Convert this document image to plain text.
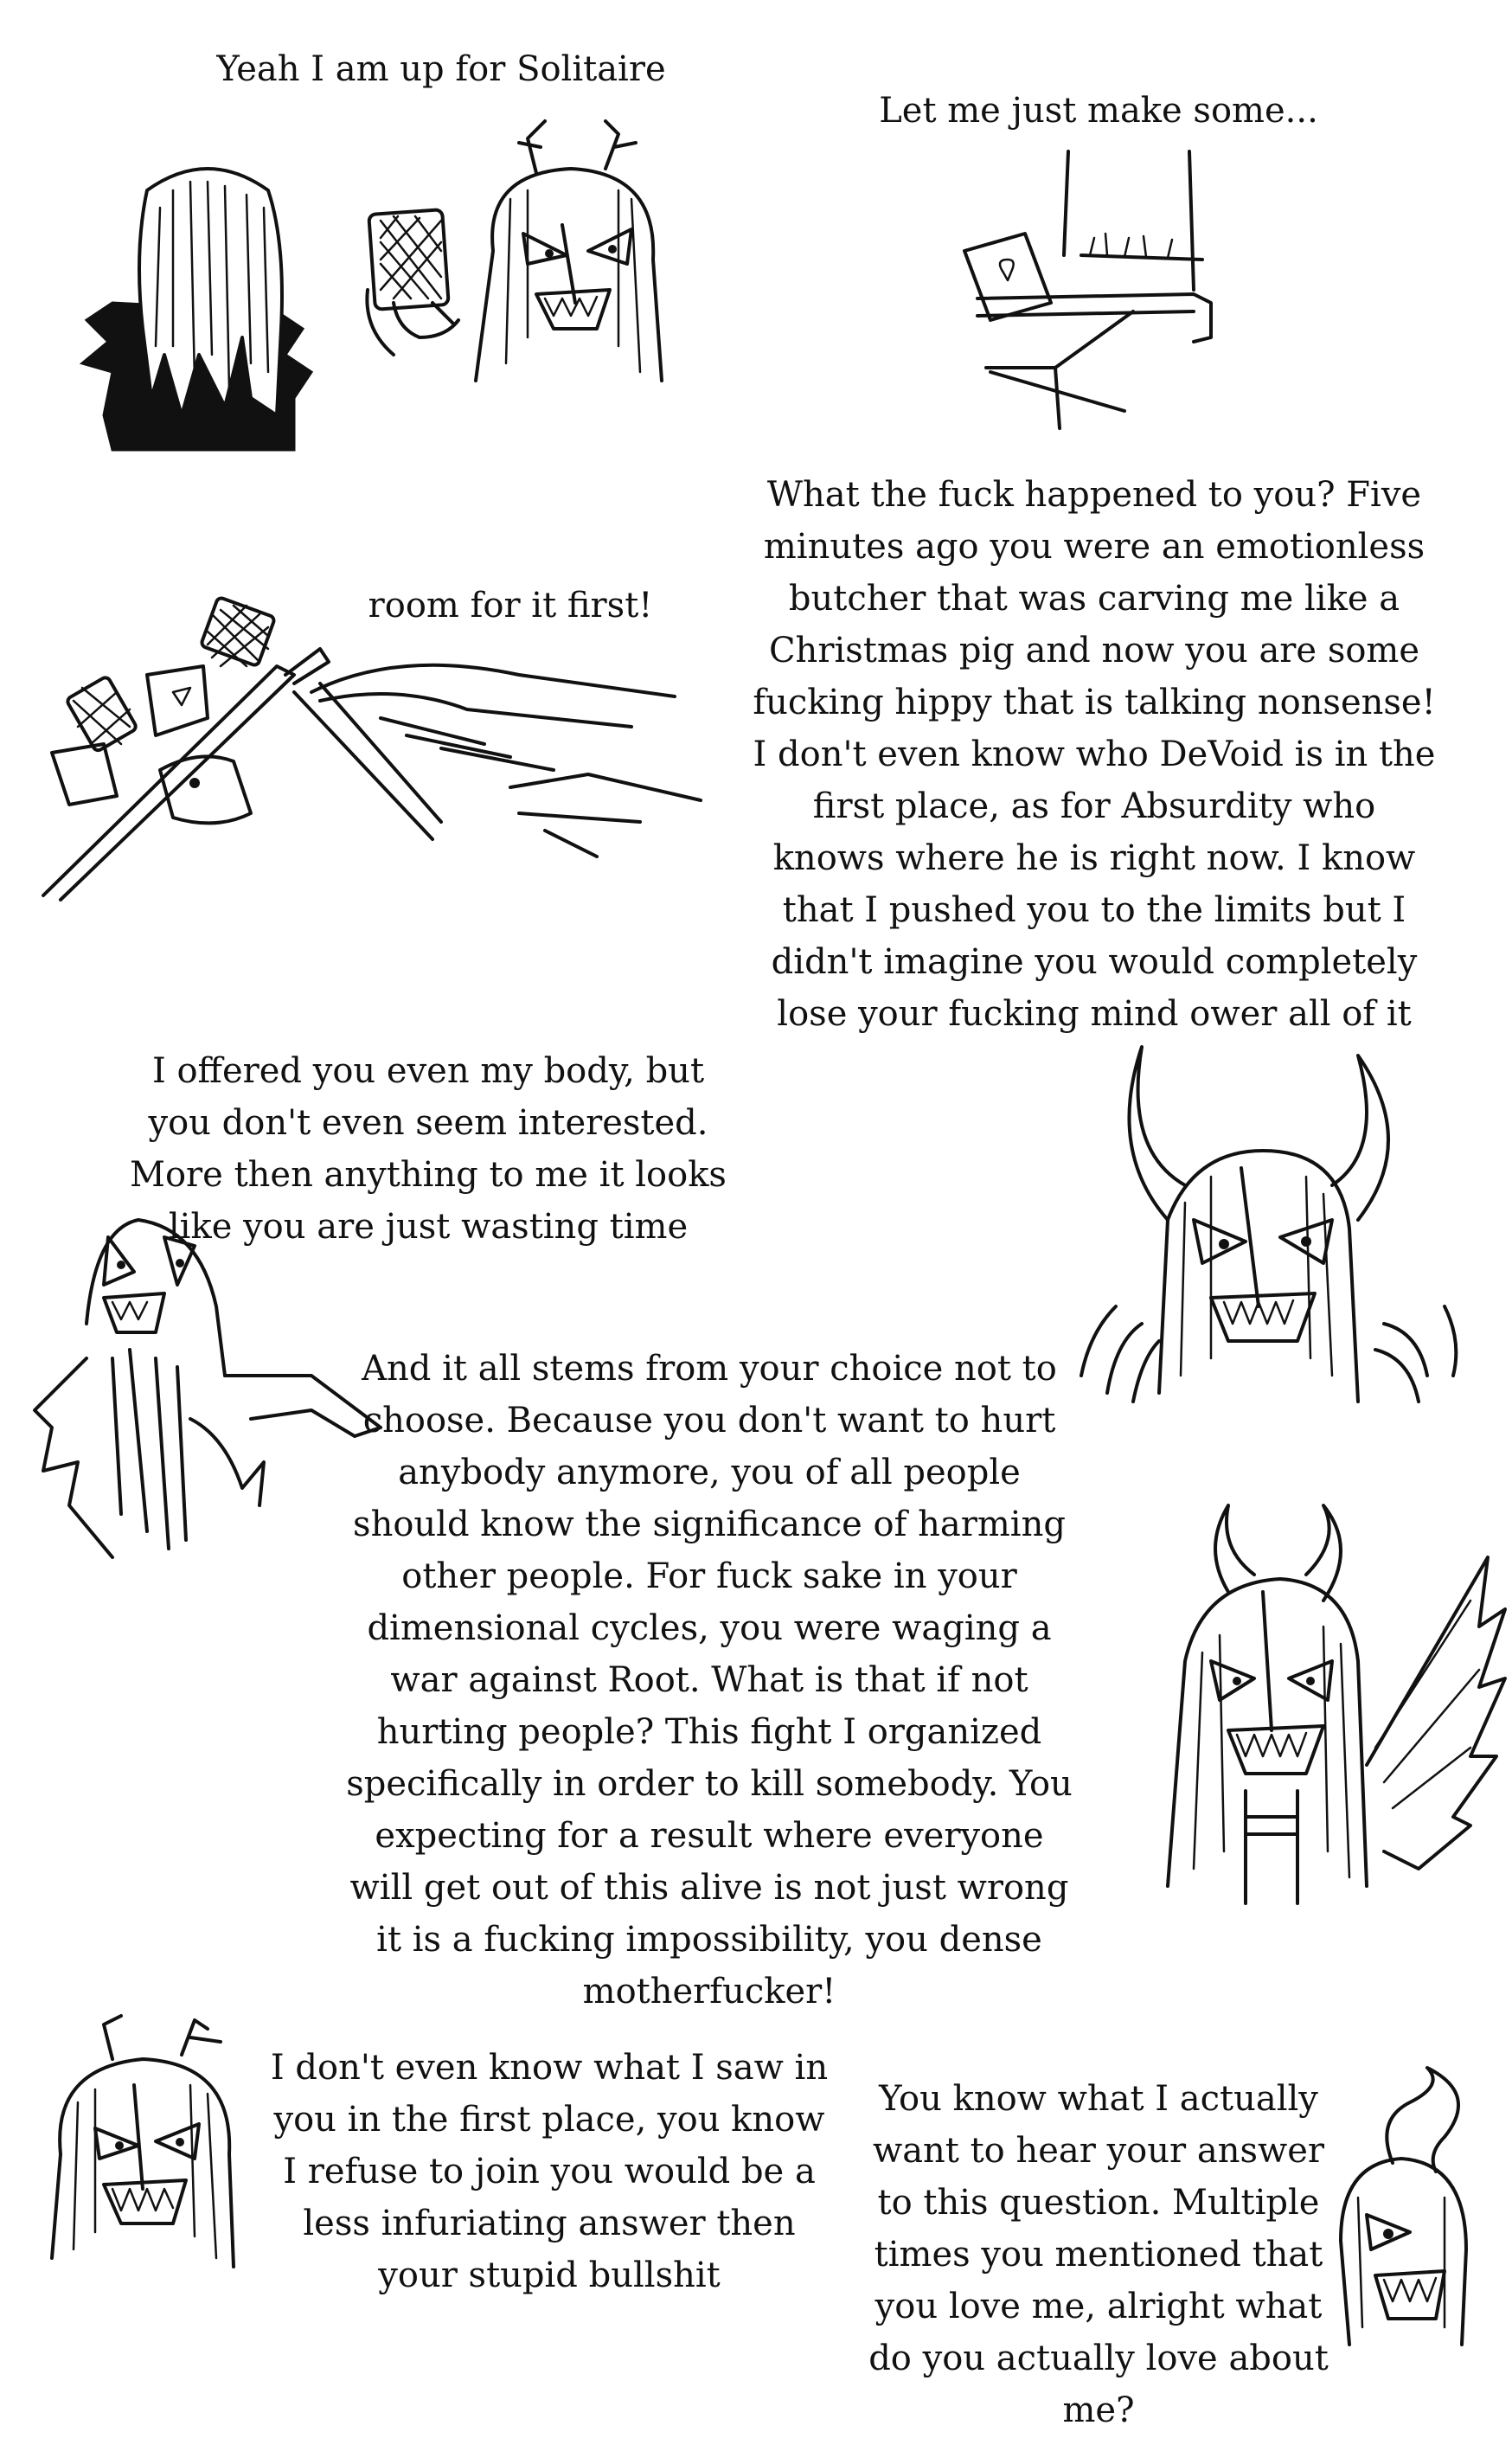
Yeah I am up for Solitaire
Let me just make some...
room for it first!
What the fuck happened to you? Five minutes ago you were an emotionless butcher that was carving me like a Christmas pig and now you are some fucking hippy that is talking nonsense! I don't even know who DeVoid is in the first place, as for Absurdity who knows where he is right now. I know that I pushed you to the limits but I didn't imagine you would completely lose your fucking mind ower all of it
I offered you even my body, but you don't even seem interested. More then anything to me it looks like you are just wasting time
And it all stems from your choice not to choose. Because you don't want to hurt anybody anymore, you of all people should know the significance of harming other people. For fuck sake in your dimensional cycles, you were waging a war against Root. What is that if not hurting people? This fight I organized specifically in order to kill somebody. You expecting for a result where everyone will get out of this alive is not just wrong it is a fucking impossibility, you dense motherfucker!
I don't even know what I saw in you in the first place, you know I refuse to join you would be a less infuriating answer then your stupid bullshit
You know what I actually want to hear your answer to this question. Multiple times you mentioned that you love me, alright what do you actually love about me?
